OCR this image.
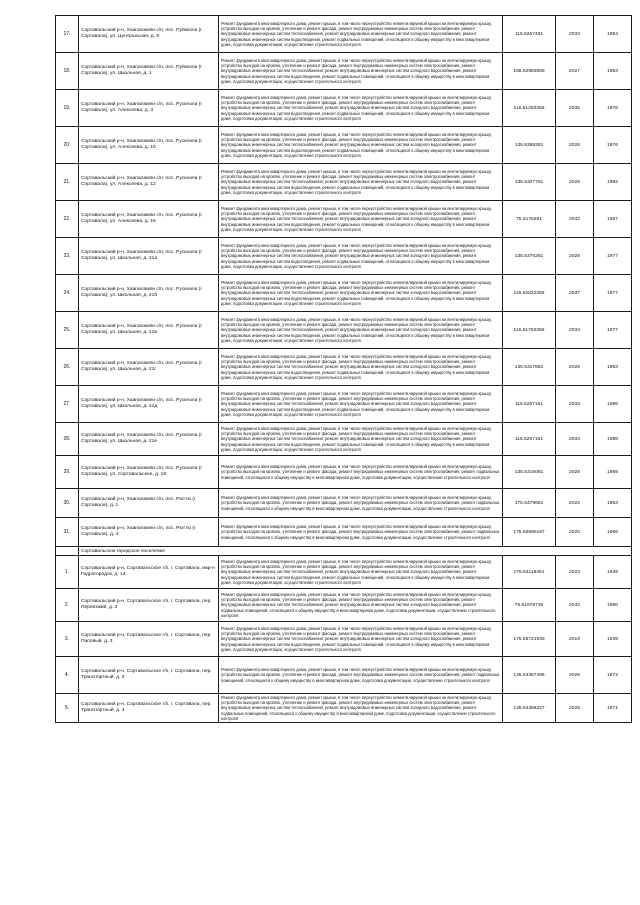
17.	Сортавальский р-н, Хаапалампи с/п, пос. Пуйккола (г Сортавала), ул. Центральная, д. 9	Ремонт фундамента многоквартирного дома, ремонт крыши, в том числе переустройство невентилируемой крыши на вентилируемую крышу, устройство выходов на кровлю, утепление и ремонт фасада, ремонт внутридомовых инженерных систем электроснабжения, ремонт внутридомовых инженерных систем теплоснабжения, ремонт внутридомовых инженерных систем холодного водоснабжения, ремонт внутридомовых инженерных систем водоотведения, ремонт подвальных помещений, относящихся к общему имуществу в многоквартирном доме, подготовка документации, осуществление строительного контроля	115.5267481	2033	1984
18.	Сортавальский р-н, Хаапалампи с/п, пос. Пуйккола (г Сортавала), ул. Школьная, д. 1	Ремонт фундамента многоквартирного дома, ремонт крыши, в том числе переустройство невентилируемой крыши на вентилируемую крышу, устройство выходов на кровлю, утепление и ремонт фасада, ремонт внутридомовых инженерных систем электроснабжения, ремонт внутридомовых инженерных систем теплоснабжения, ремонт внутридомовых инженерных систем холодного водоснабжения, ремонт внутридомовых инженерных систем водоотведения, ремонт подвальных помещений, относящихся к общему имуществу в многоквартирном доме, подготовка документации, осуществление строительного контроля	155.52983659	2027	1984
19.	Сортавальский р-н, Хаапалампи с/п, пос. Рускеала (г Сортавала), ул. Алексеева, д. 3	Ремонт фундамента многоквартирного дома, ремонт крыши, в том числе переустройство невентилируемой крыши на вентилируемую крышу, устройство выходов на кровлю, утепление и ремонт фасада, ремонт внутридомовых инженерных систем электроснабжения, ремонт внутридомовых инженерных систем теплоснабжения, ремонт внутридомовых инженерных систем холодного водоснабжения, ремонт внутридомовых инженерных систем водоотведения, ремонт подвальных помещений, относящихся к общему имуществу в многоквартирном доме, подготовка документации, осуществление строительного контроля	115.51283355	2035	1976
20.	Сортавальский р-н, Хаапалампи с/п, пос. Рускеала (г Сортавала), ул. Алексеева, д. 10	Ремонт фундамента многоквартирного дома, ремонт крыши, в том числе переустройство невентилируемой крыши на вентилируемую крышу, устройство выходов на кровлю, утепление и ремонт фасада, ремонт внутридомовых инженерных систем электроснабжения, ремонт внутридомовых инженерных систем теплоснабжения, ремонт внутридомовых инженерных систем холодного водоснабжения, ремонт внутридомовых инженерных систем водоотведения, ремонт подвальных помещений, относящихся к общему имуществу в многоквартирном доме, подготовка документации, осуществление строительного контроля	135.5388381	2028	1976
21.	Сортавальский р-н, Хаапалампи с/п, пос. Рускеала (г Сортавала), ул. Алексеева, д. 12	Ремонт фундамента многоквартирного дома, ремонт крыши, в том числе переустройство невентилируемой крыши на вентилируемую крышу, устройство выходов на кровлю, утепление и ремонт фасада, ремонт внутридомовых инженерных систем электроснабжения, ремонт внутридомовых инженерных систем теплоснабжения, ремонт внутридомовых инженерных систем холодного водоснабжения, ремонт внутридомовых инженерных систем водоотведения, ремонт подвальных помещений, относящихся к общему имуществу в многоквартирном доме, подготовка документации, осуществление строительного контроля	135.5327761	2029	1982
22.	Сортавальский р-н, Хаапалампи с/п, пос. Рускеала (г Сортавала), ул. Алексеева, д. 16	Ремонт фундамента многоквартирного дома, ремонт крыши, в том числе переустройство невентилируемой крыши на вентилируемую крышу, устройство выходов на кровлю, утепление и ремонт фасада, ремонт внутридомовых инженерных систем электроснабжения, ремонт внутридомовых инженерных систем теплоснабжения, ремонт внутридомовых инженерных систем холодного водоснабжения, ремонт внутридомовых инженерных систем водоотведения, ремонт подвальных помещений, относящихся к общему имуществу в многоквартирном доме, подготовка документации, осуществление строительного контроля	75.5176281	2042	1987
23.	Сортавальский р-н, Хаапалампи с/п, пос. Рускеала (г Сортавала), ул. Школьная, д. 21а	Ремонт фундамента многоквартирного дома, ремонт крыши, в том числе переустройство невентилируемой крыши на вентилируемую крышу, устройство выходов на кровлю, утепление и ремонт фасада, ремонт внутридомовых инженерных систем электроснабжения, ремонт внутридомовых инженерных систем теплоснабжения, ремонт внутридомовых инженерных систем холодного водоснабжения, ремонт внутридомовых инженерных систем водоотведения, ремонт подвальных помещений, относящихся к общему имуществу в многоквартирном доме, подготовка документации, осуществление строительного контроля	135.5376281	2028	1977
24.	Сортавальский р-н, Хаапалампи с/п, пос. Рускеала (г Сортавала), ул. Школьная, д. 21б	Ремонт фундамента многоквартирного дома, ремонт крыши, в том числе переустройство невентилируемой крыши на вентилируемую крышу, устройство выходов на кровлю, утепление и ремонт фасада, ремонт внутридомовых инженерных систем электроснабжения, ремонт внутридомовых инженерных систем теплоснабжения, ремонт внутридомовых инженерных систем холодного водоснабжения, ремонт внутридомовых инженерных систем водоотведения, ремонт подвальных помещений, относящихся к общему имуществу в многоквартирном доме, подготовка документации, осуществление строительного контроля	115.52822355	2037	1977
25.	Сортавальский р-н, Хаапалампи с/п, пос. Рускеала (г Сортавала), ул. Школьная, д. 21в	Ремонт фундамента многоквартирного дома, ремонт крыши, в том числе переустройство невентилируемой крыши на вентилируемую крышу, устройство выходов на кровлю, утепление и ремонт фасада, ремонт внутридомовых инженерных систем электроснабжения, ремонт внутридомовых инженерных систем теплоснабжения, ремонт внутридомовых инженерных систем холодного водоснабжения, ремонт внутридомовых инженерных систем водоотведения, ремонт подвальных помещений, относящихся к общему имуществу в многоквартирном доме, подготовка документации, осуществление строительного контроля	115.51762355	2034	1977
26.	Сортавальский р-н, Хаапалампи с/п, пос. Рускеала (г Сортавала), ул. Школьная, д. 21г	Ремонт фундамента многоквартирного дома, ремонт крыши, в том числе переустройство невентилируемой крыши на вентилируемую крышу, устройство выходов на кровлю, утепление и ремонт фасада, ремонт внутридомовых инженерных систем электроснабжения, ремонт внутридомовых инженерных систем теплоснабжения, ремонт внутридомовых инженерных систем холодного водоснабжения, ремонт внутридомовых инженерных систем водоотведения, ремонт подвальных помещений, относящихся к общему имуществу в многоквартирном доме, подготовка документации, осуществление строительного контроля	135.5317861	2028	1983
27.	Сортавальский р-н, Хаапалампи с/п, пос. Рускеала (г Сортавала), ул. Школьная, д. 21д	Ремонт фундамента многоквартирного дома, ремонт крыши, в том числе переустройство невентилируемой крыши на вентилируемую крышу, устройство выходов на кровлю, утепление и ремонт фасада, ремонт внутридомовых инженерных систем электроснабжения, ремонт внутридомовых инженерных систем теплоснабжения, ремонт внутридомовых инженерных систем холодного водоснабжения, ремонт внутридомовых инженерных систем водоотведения, ремонт подвальных помещений, относящихся к общему имуществу в многоквартирном доме, подготовка документации, осуществление строительного контроля	115.5267161	2033	1986
28.	Сортавальский р-н, Хаапалампи с/п, пос. Рускеала (г Сортавала), ул. Школьная, д. 21е	Ремонт фундамента многоквартирного дома, ремонт крыши, в том числе переустройство невентилируемой крыши на вентилируемую крышу, устройство выходов на кровлю, утепление и ремонт фасада, ремонт внутридомовых инженерных систем электроснабжения, ремонт внутридомовых инженерных систем теплоснабжения, ремонт внутридомовых инженерных систем холодного водоснабжения, ремонт внутридомовых инженерных систем водоотведения, ремонт подвальных помещений, относящихся к общему имуществу в многоквартирном доме, подготовка документации, осуществление строительного контроля	115.5267161	2033	1988
29.	Сортавальский р-н, Хаапалампи с/п, пос. Рускеала (г Сортавала), ул. Сортавальское, д. 19	Ремонт фундамента многоквартирного дома, ремонт крыши, в том числе переустройство невентилируемой крыши на вентилируемую крышу, устройство выходов на кровлю, утепление и ремонт фасада, ремонт внутридомовых инженерных систем электроснабжения, ремонт подвальных помещений, относящихся к общему имуществу в многоквартирном доме, подготовка документации, осуществление строительного контроля	135.5316061	2028	1969
30.	Сортавальский р-н, Хаапалампи с/п, пос. Рюттю (г Сортавала), д. 1	Ремонт фундамента многоквартирного дома, ремонт крыши, в том числе переустройство невентилируемой крыши на вентилируемую крышу, устройство выходов на кровлю, утепление и ремонт фасада, ремонт внутридомовых инженерных систем электроснабжения, ремонт подвальных помещений, относящихся к общему имуществу в многоквартирном доме, подготовка документации, осуществление строительного контроля	175.5479661	2022	1963
31.	Сортавальский р-н, Хаапалампи с/п, пос. Рюттю (г Сортавала), д. 4	Ремонт фундамента многоквартирного дома, ремонт крыши, в том числе переустройство невентилируемой крыши на вентилируемую крышу, устройство выходов на кровлю, утепление и ремонт фасада, ремонт внутридомовых инженерных систем электроснабжения, ремонт подвальных помещений, относящихся к общему имуществу в многоквартирном доме, подготовка документации, осуществление строительного контроля	175.55590187	2020	1966
	Сортавальское городское поселение				
1.	Сортавальский р-н, Сортавальское г/п, г. Сортавала, мкр-н Гидрогородок, д. 14	Ремонт фундамента многоквартирного дома, ремонт крыши, в том числе переустройство невентилируемой крыши на вентилируемую крышу, устройство выходов на кровлю, утепление и ремонт фасада, ремонт внутридомовых инженерных систем электроснабжения, ремонт внутридомовых инженерных систем теплоснабжения, ремонт внутридомовых инженерных систем холодного водоснабжения, ремонт внутридомовых инженерных систем водоотведения, ремонт подвальных помещений, относящихся к общему имуществу в многоквартирном доме, подготовка документации, осуществление строительного контроля	175.54118491	2023	1939
2.	Сортавальский р-н, Сортавальское г/п, г. Сортавала, пер. Переезжий, д. 3	Ремонт фундамента многоквартирного дома, ремонт крыши, в том числе переустройство невентилируемой крыши на вентилируемую крышу, устройство выходов на кровлю, утепление и ремонт фасада, ремонт внутридомовых инженерных систем электроснабжения, ремонт внутридомовых инженерных систем теплоснабжения, ремонт внутридомовых инженерных систем холодного водоснабжения, ремонт подвальных помещений, относящихся к общему имуществу в многоквартирном доме, подготовка документации, осуществление строительного контроля	75.51678735	2042	1980
3.	Сортавальский р-н, Сортавальское г/п, г. Сортавала, пер. Паповый, д. 3	Ремонт фундамента многоквартирного дома, ремонт крыши, в том числе переустройство невентилируемой крыши на вентилируемую крышу, устройство выходов на кровлю, утепление и ремонт фасада, ремонт внутридомовых инженерных систем электроснабжения, ремонт внутридомовых инженерных систем теплоснабжения, ремонт внутридомовых инженерных систем холодного водоснабжения, ремонт внутридомовых инженерных систем водоотведения, ремонт подвальных помещений, относящихся к общему имуществу в многоквартирном доме, подготовка документации, осуществление строительного контроля	175.55721939	2019	1939
4.	Сортавальский р-н, Сортавальское г/п, г. Сортавала, пер. Транспортный, д. 2	Ремонт фундамента многоквартирного дома, ремонт крыши, в том числе переустройство невентилируемой крыши на вентилируемую крышу, устройство выходов на кровлю, утепление и ремонт фасада, ремонт внутридомовых инженерных систем электроснабжения, ремонт подвальных помещений, относящихся к общему имуществу в многоквартирном доме, подготовка документации, осуществление строительного контроля	135.53387496	2026	1972
5.	Сортавальский р-н, Сортавальское г/п, г. Сортавала, пер. Транспортный, д. 4	Ремонт фундамента многоквартирного дома, ремонт крыши, в том числе переустройство невентилируемой крыши на вентилируемую крышу, устройство выходов на кровлю, утепление и ремонт фасада, ремонт внутридомовых инженерных систем электроснабжения, ремонт внутридомовых инженерных систем теплоснабжения, ремонт внутридомовых инженерных систем холодного водоснабжения, ремонт подвальных помещений, относящихся к общему имуществу в многоквартирном доме, подготовка документации, осуществление строительного контроля	135.53386327	2026	1971
